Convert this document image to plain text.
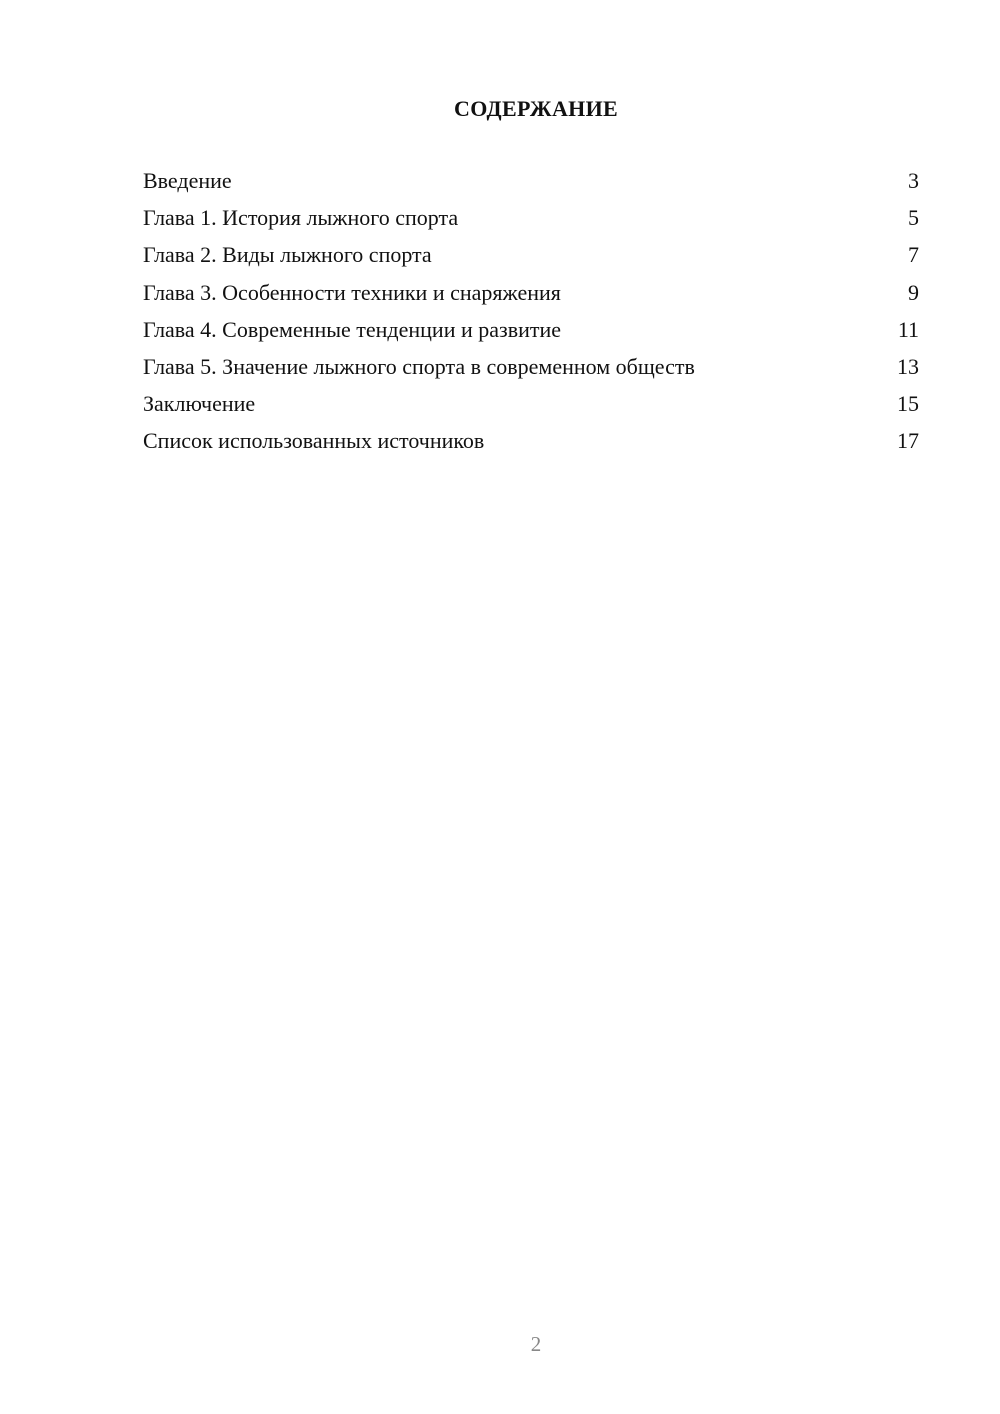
СОДЕРЖАНИЕ
Введение	3
Глава 1. История лыжного спорта	5
Глава 2. Виды лыжного спорта	7
Глава 3. Особенности техники и снаряжения	9
Глава 4. Современные тенденции и развитие	11
Глава 5. Значение лыжного спорта в современном обществ	13
Заключение	15
Список использованных источников	17
2
